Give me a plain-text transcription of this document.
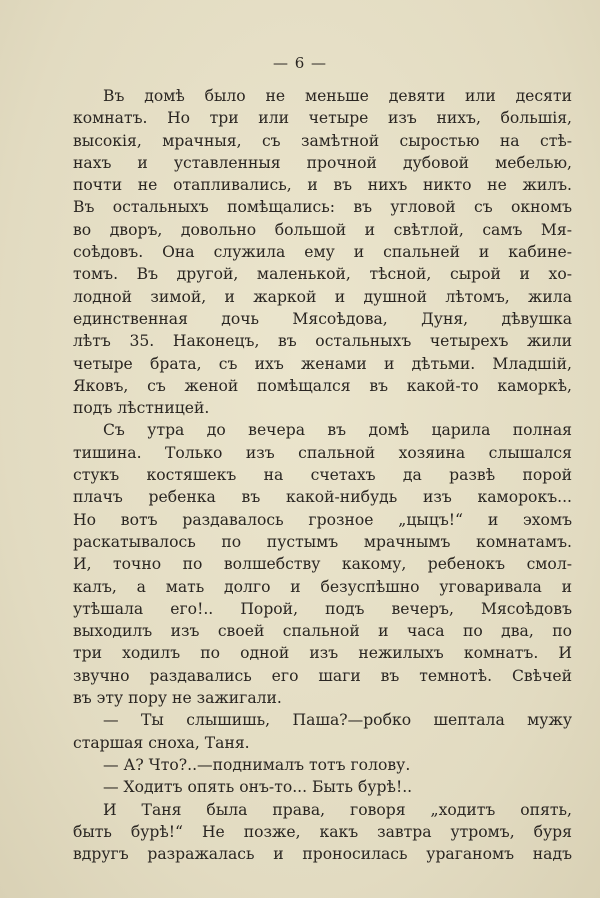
— 6 —
Въ домѣ было не меньше девяти или десяти
комнатъ. Но три или четыре изъ нихъ, большія,
высокія, мрачныя, съ замѣтной сыростью на стѣ-
нахъ и уставленныя прочной дубовой мебелью,
почти не отапливались, и въ нихъ никто не жилъ.
Въ остальныхъ помѣщались: въ угловой съ окномъ
во дворъ, довольно большой и свѣтлой, самъ Мя-
соѣдовъ. Она служила ему и спальней и кабине-
томъ. Въ другой, маленькой, тѣсной, сырой и хо-
лодной зимой, и жаркой и душной лѣтомъ, жила
единственная дочь Мясоѣдова, Дуня, дѣвушка
лѣтъ 35. Наконецъ, въ остальныхъ четырехъ жили
четыре брата, съ ихъ женами и дѣтьми. Младшій,
Яковъ, съ женой помѣщался въ какой-то каморкѣ,
подъ лѣстницей.
Съ утра до вечера въ домѣ царила полная
тишина. Только изъ спальной хозяина слышался
стукъ костяшекъ на счетахъ да развѣ порой
плачъ ребенка въ какой-нибудь изъ каморокъ...
Но вотъ раздавалось грозное „цыцъ!“ и эхомъ
раскатывалось по пустымъ мрачнымъ комнатамъ.
И, точно по волшебству какому, ребенокъ смол-
калъ, а мать долго и безуспѣшно уговаривала и
утѣшала его!.. Порой, подъ вечеръ, Мясоѣдовъ
выходилъ изъ своей спальной и часа по два, по
три ходилъ по одной изъ нежилыхъ комнатъ. И
звучно раздавались его шаги въ темнотѣ. Свѣчей
въ эту пору не зажигали.
— Ты слышишь, Паша?—робко шептала мужу
старшая сноха, Таня.
— А? Что?..—поднималъ тотъ голову.
— Ходитъ опять онъ-то... Быть бурѣ!..
И Таня была права, говоря „ходитъ опять,
быть бурѣ!“ Не позже, какъ завтра утромъ, буря
вдругъ разражалась и проносилась ураганомъ надъ
